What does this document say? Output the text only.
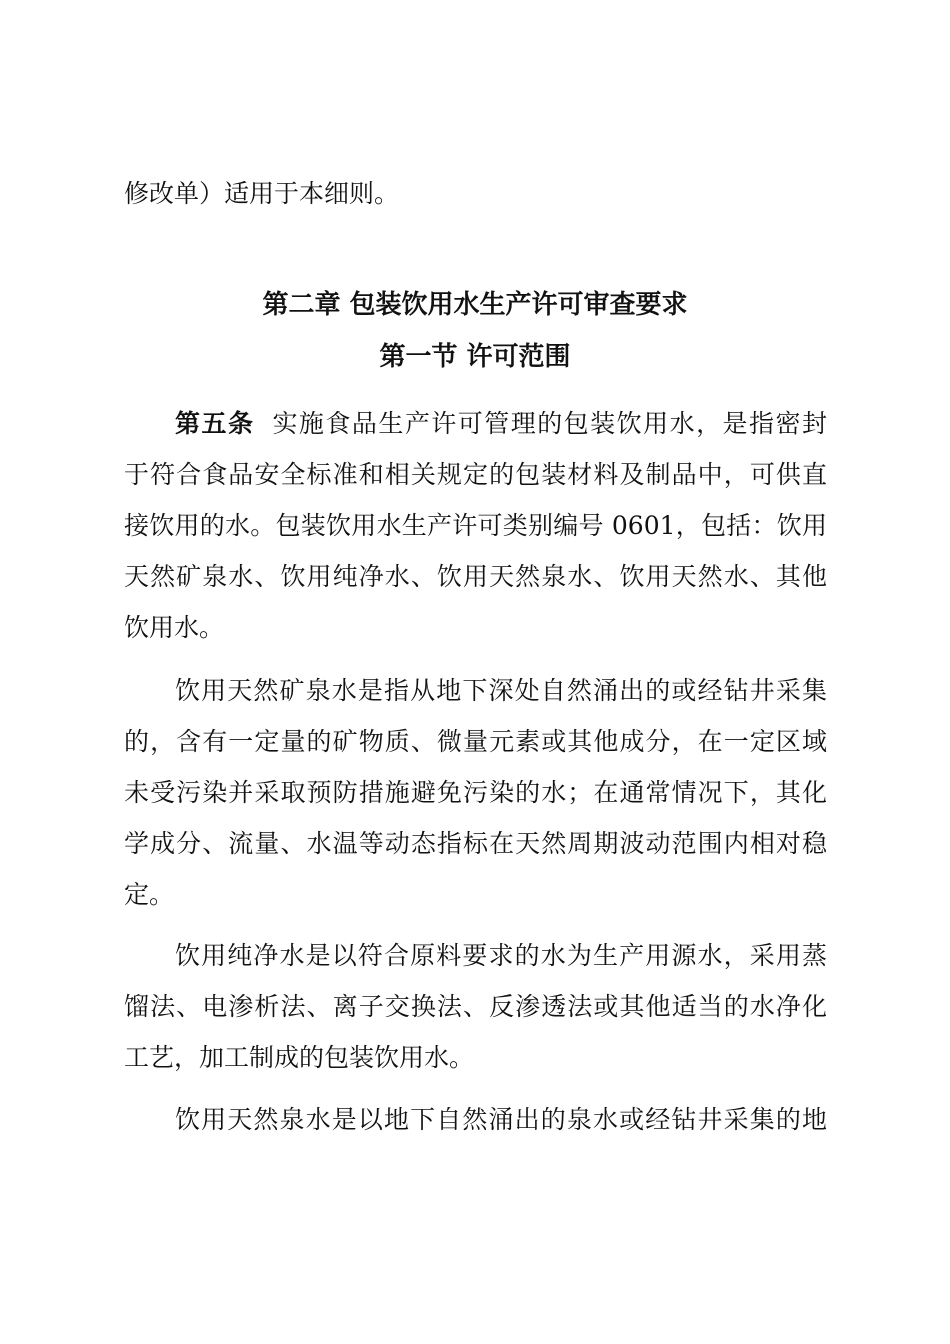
修改单）适用于本细则。
第二章 包装饮用水生产许可审查要求
第一节 许可范围
第五条 实施食品生产许可管理的包装饮用水，是指密封
于符合食品安全标准和相关规定的包装材料及制品中，可供直
接饮用的水。包装饮用水生产许可类别编号 0601，包括：饮用
天然矿泉水、饮用纯净水、饮用天然泉水、饮用天然水、其他
饮用水。
饮用天然矿泉水是指从地下深处自然涌出的或经钻井采集
的，含有一定量的矿物质、微量元素或其他成分，在一定区域
未受污染并采取预防措施避免污染的水；在通常情况下，其化
学成分、流量、水温等动态指标在天然周期波动范围内相对稳
定。
饮用纯净水是以符合原料要求的水为生产用源水，采用蒸
馏法、电渗析法、离子交换法、反渗透法或其他适当的水净化
工艺，加工制成的包装饮用水。
饮用天然泉水是以地下自然涌出的泉水或经钻井采集的地
